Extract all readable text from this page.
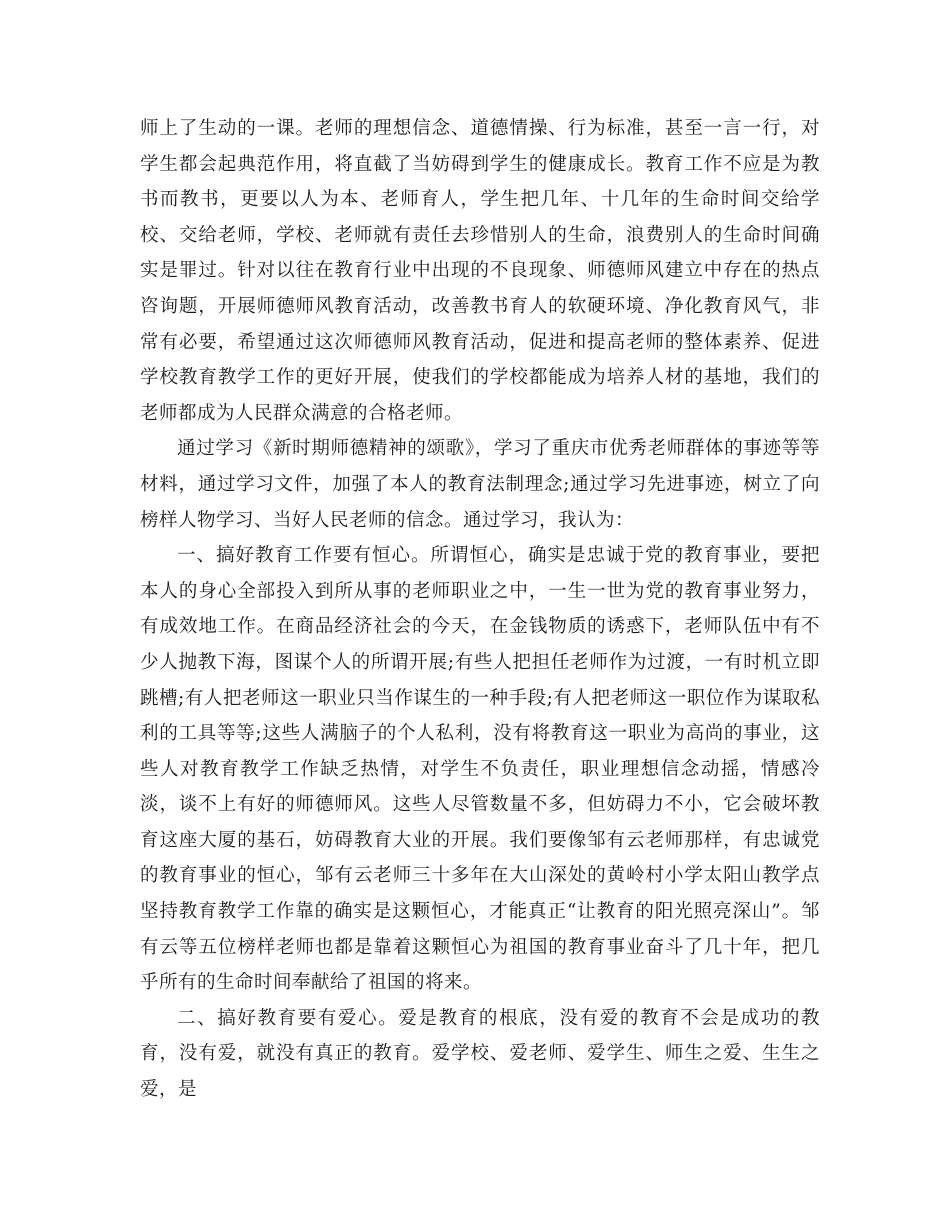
师上了生动的一课。老师的理想信念、道德情操、行为标准，甚至一言一行，对学生都会起典范作用，将直截了当妨碍到学生的健康成长。教育工作不应是为教书而教书，更要以人为本、老师育人，学生把几年、十几年的生命时间交给学校、交给老师，学校、老师就有责任去珍惜别人的生命，浪费别人的生命时间确实是罪过。针对以往在教育行业中出现的不良现象、师德师风建立中存在的热点咨询题，开展师德师风教育活动，改善教书育人的软硬环境、净化教育风气，非常有必要，希望通过这次师德师风教育活动，促进和提高老师的整体素养、促进学校教育教学工作的更好开展，使我们的学校都能成为培养人材的基地，我们的老师都成为人民群众满意的合格老师。

通过学习《新时期师德精神的颂歌》，学习了重庆市优秀老师群体的事迹等等材料，通过学习文件，加强了本人的教育法制理念;通过学习先进事迹，树立了向榜样人物学习、当好人民老师的信念。通过学习，我认为：

一、搞好教育工作要有恒心。所谓恒心，确实是忠诚于党的教育事业，要把本人的身心全部投入到所从事的老师职业之中，一生一世为党的教育事业努力，有成效地工作。在商品经济社会的今天，在金钱物质的诱惑下，老师队伍中有不少人抛教下海，图谋个人的所谓开展;有些人把担任老师作为过渡，一有时机立即跳槽;有人把老师这一职业只当作谋生的一种手段;有人把老师这一职位作为谋取私利的工具等等;这些人满脑子的个人私利，没有将教育这一职业为高尚的事业，这些人对教育教学工作缺乏热情，对学生不负责任，职业理想信念动摇，情感冷淡，谈不上有好的师德师风。这些人尽管数量不多，但妨碍力不小，它会破坏教育这座大厦的基石，妨碍教育大业的开展。我们要像邹有云老师那样，有忠诚党的教育事业的恒心，邹有云老师三十多年在大山深处的黄岭村小学太阳山教学点坚持教育教学工作靠的确实是这颗恒心，才能真正“让教育的阳光照亮深山”。邹有云等五位榜样老师也都是靠着这颗恒心为祖国的教育事业奋斗了几十年，把几乎所有的生命时间奉献给了祖国的将来。

二、搞好教育要有爱心。爱是教育的根底，没有爱的教育不会是成功的教育，没有爱，就没有真正的教育。爱学校、爱老师、爱学生、师生之爱、生生之爱，是
